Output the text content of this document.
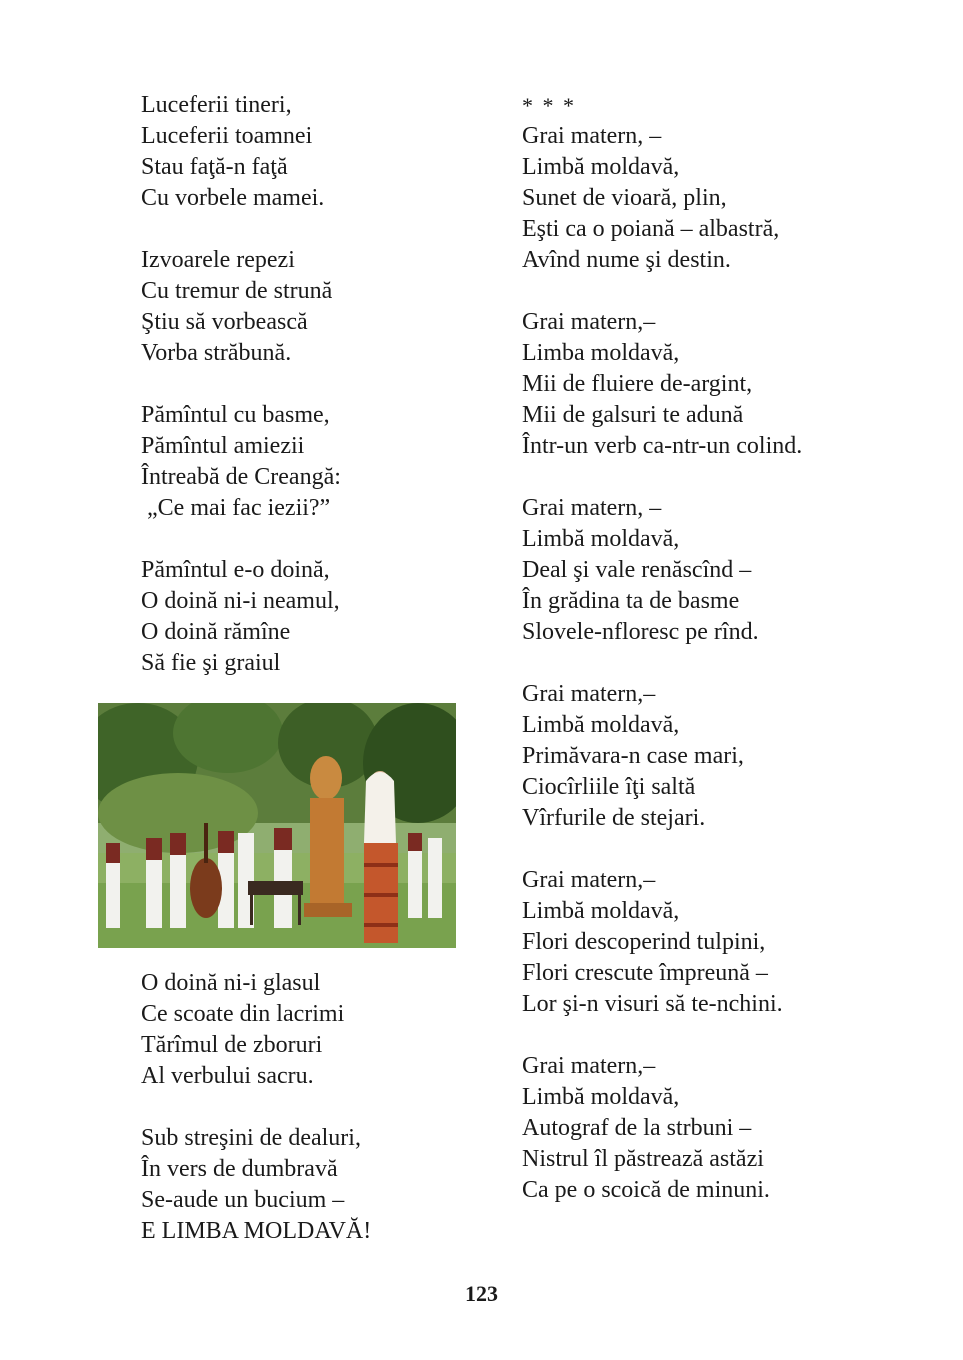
Luceferii tineri,
Luceferii toamnei
Stau faţă-n faţă
Cu vorbele mamei.
Izvoarele repezi
Cu tremur de strună
Ştiu să vorbească
Vorba străbună.
Pămîntul cu basme,
Pămîntul amiezii
Întreabă de Creangă:
„Ce mai fac iezii?”
Pămîntul e-o doină,
O doină ni-i neamul,
O doină rămîne
Să fie şi graiul
O doină ni-i glasul
Ce scoate din lacrimi
Tărîmul de zboruri
Al verbului sacru.
Sub streşini de dealuri,
În vers de dumbravă
Se-aude un bucium –
E LIMBA MOLDAVĂ!
* * *
Grai matern, –
Limbă moldavă,
Sunet de vioară, plin,
Eşti ca o poiană – albastră,
Avînd nume şi destin.
Grai matern,–
Limba moldavă,
Mii de fluiere de-argint,
Mii de galsuri te adună
Într-un verb ca-ntr-un colind.
Grai matern, –
Limbă moldavă,
Deal şi vale renăscînd –
În grădina ta de basme
Slovele-nfloresc pe rînd.
Grai matern,–
Limbă moldavă,
Primăvara-n case mari,
Ciocîrliile îţi saltă
Vîrfurile de stejari.
Grai matern,–
Limbă moldavă,
Flori descoperind tulpini,
Flori crescute împreună –
Lor şi-n visuri să te-nchini.
Grai matern,–
Limbă moldavă,
Autograf de la strbuni –
Nistrul îl păstrează astăzi
Ca pe o scoică de minuni.
123
